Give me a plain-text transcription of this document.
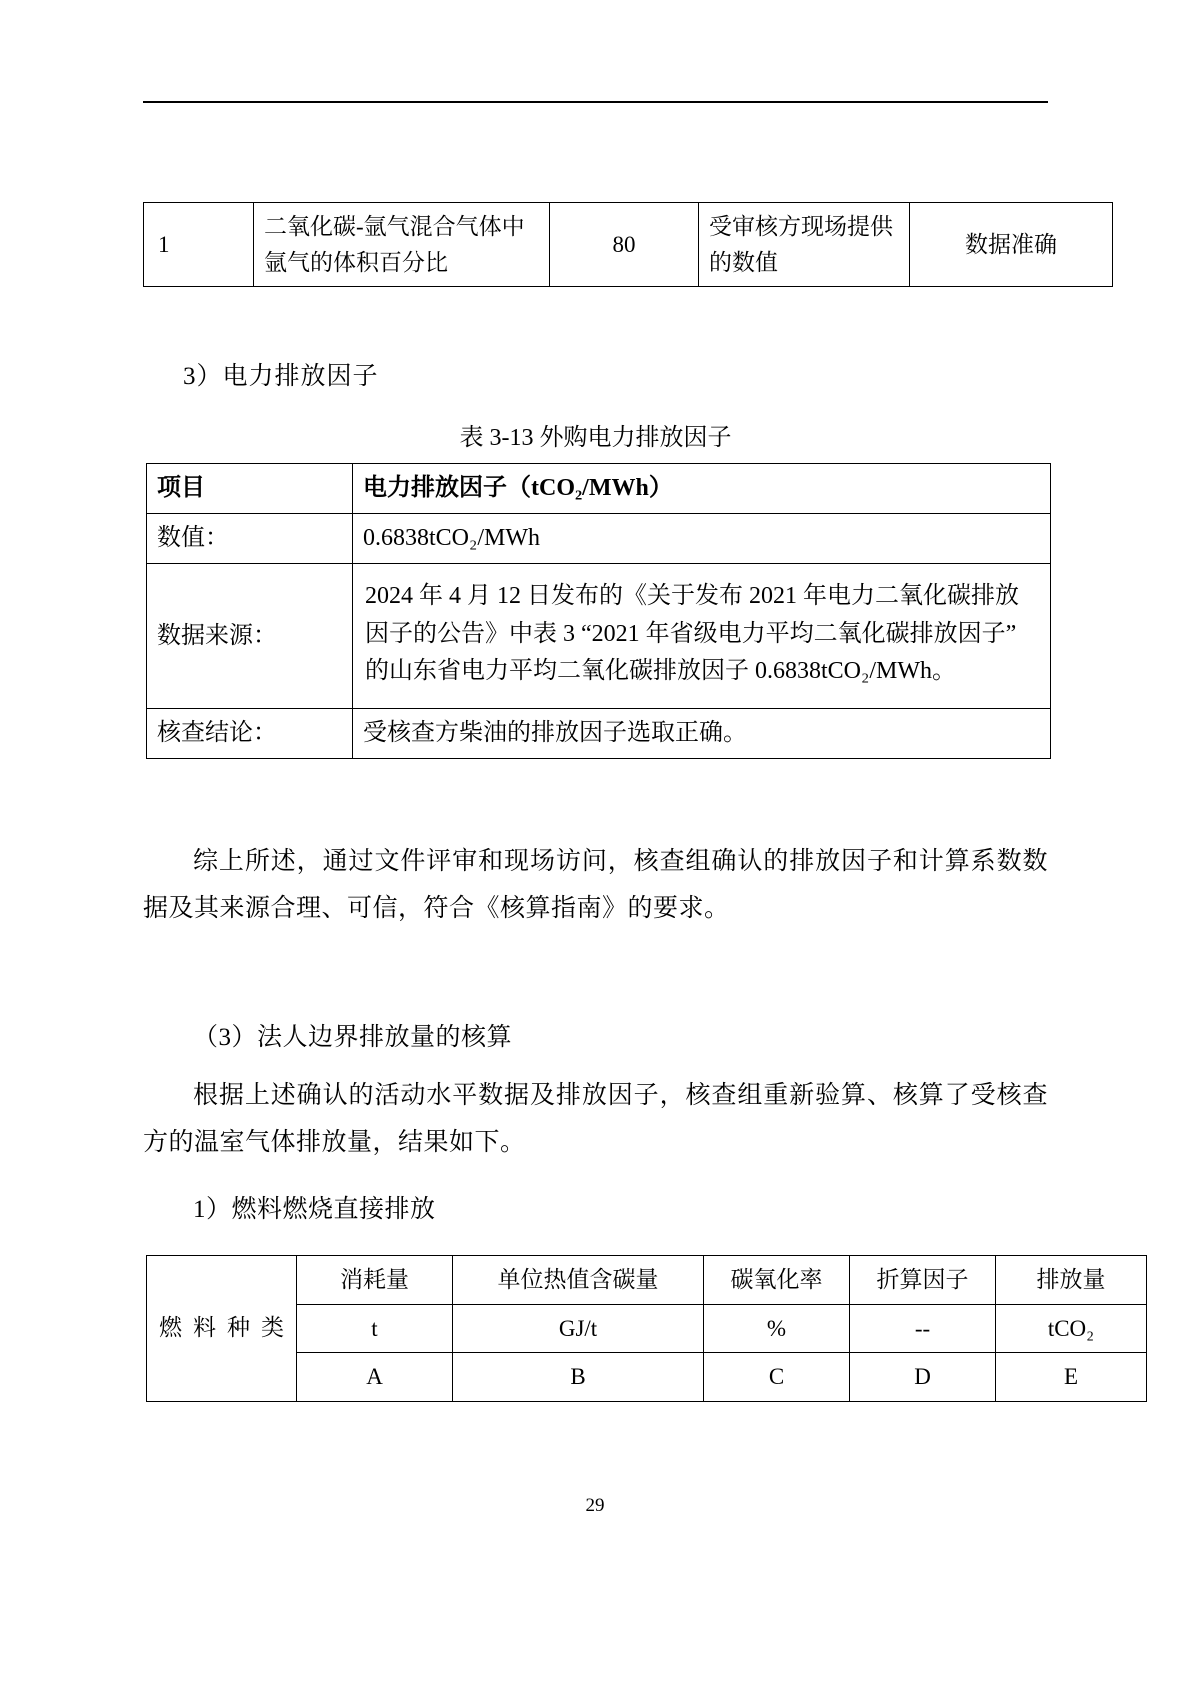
1	二氧化碳-氩气混合气体中氩气的体积百分比	80	受审核方现场提供的数值	数据准确
3）电力排放因子
表 3-13 外购电力排放因子
项目	电力排放因子（tCO₂/MWh）
数值：	0.6838tCO₂/MWh
数据来源：	2024 年 4 月 12 日发布的《关于发布 2021 年电力二氧化碳排放因子的公告》中表 3 “2021 年省级电力平均二氧化碳排放因子”的山东省电力平均二氧化碳排放因子 0.6838tCO₂/MWh。
核查结论：	受核查方柴油的排放因子选取正确。
综上所述，通过文件评审和现场访问，核查组确认的排放因子和计算系数数据及其来源合理、可信，符合《核算指南》的要求。
（3）法人边界排放量的核算
根据上述确认的活动水平数据及排放因子，核查组重新验算、核算了受核查方的温室气体排放量，结果如下。
1）燃料燃烧直接排放
燃 料 种 类	消耗量	单位热值含碳量	碳氧化率	折算因子	排放量
	t	GJ/t	%	--	tCO₂
	A	B	C	D	E
29
